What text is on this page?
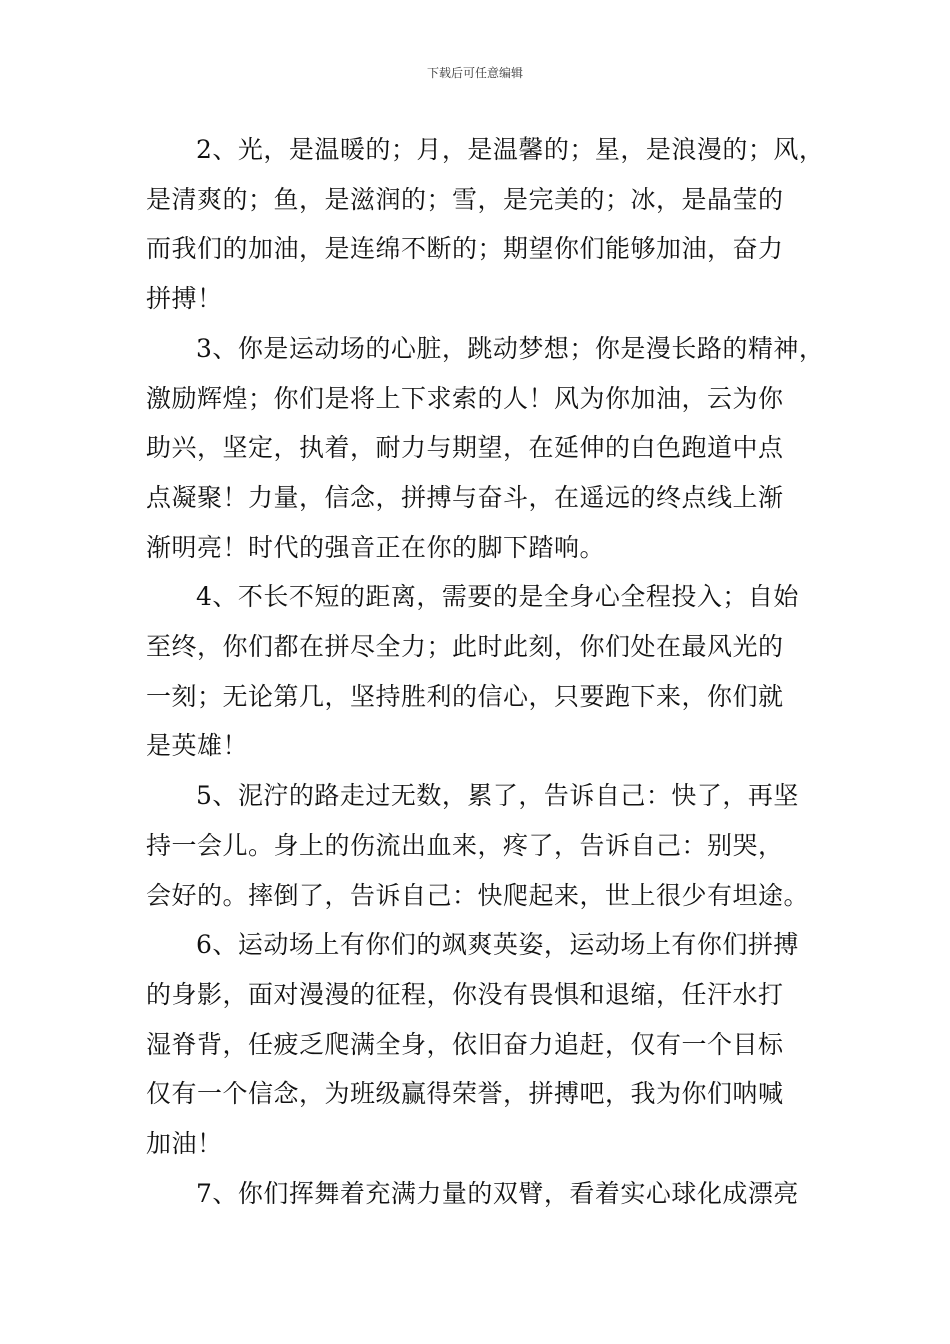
下载后可任意编辑

2、光，是温暖的；月，是温馨的；星，是浪漫的；风，
是清爽的；鱼，是滋润的；雪，是完美的；冰，是晶莹的
而我们的加油，是连绵不断的；期望你们能够加油，奋力
拼搏！

3、你是运动场的心脏，跳动梦想；你是漫长路的精神，
激励辉煌；你们是将上下求索的人！风为你加油，云为你
助兴，坚定，执着，耐力与期望，在延伸的白色跑道中点
点凝聚！力量，信念，拼搏与奋斗，在遥远的终点线上渐
渐明亮！时代的强音正在你的脚下踏响。

4、不长不短的距离，需要的是全身心全程投入；自始
至终，你们都在拼尽全力；此时此刻，你们处在最风光的
一刻；无论第几，坚持胜利的信心，只要跑下来，你们就
是英雄！

5、泥泞的路走过无数，累了，告诉自己：快了，再坚
持一会儿。身上的伤流出血来，疼了，告诉自己：别哭，
会好的。摔倒了，告诉自己：快爬起来，世上很少有坦途。

6、运动场上有你们的飒爽英姿，运动场上有你们拼搏
的身影，面对漫漫的征程，你没有畏惧和退缩，任汗水打
湿脊背，任疲乏爬满全身，依旧奋力追赶，仅有一个目标
仅有一个信念，为班级赢得荣誉，拼搏吧，我为你们呐喊
加油！

7、你们挥舞着充满力量的双臂，看着实心球化成漂亮
